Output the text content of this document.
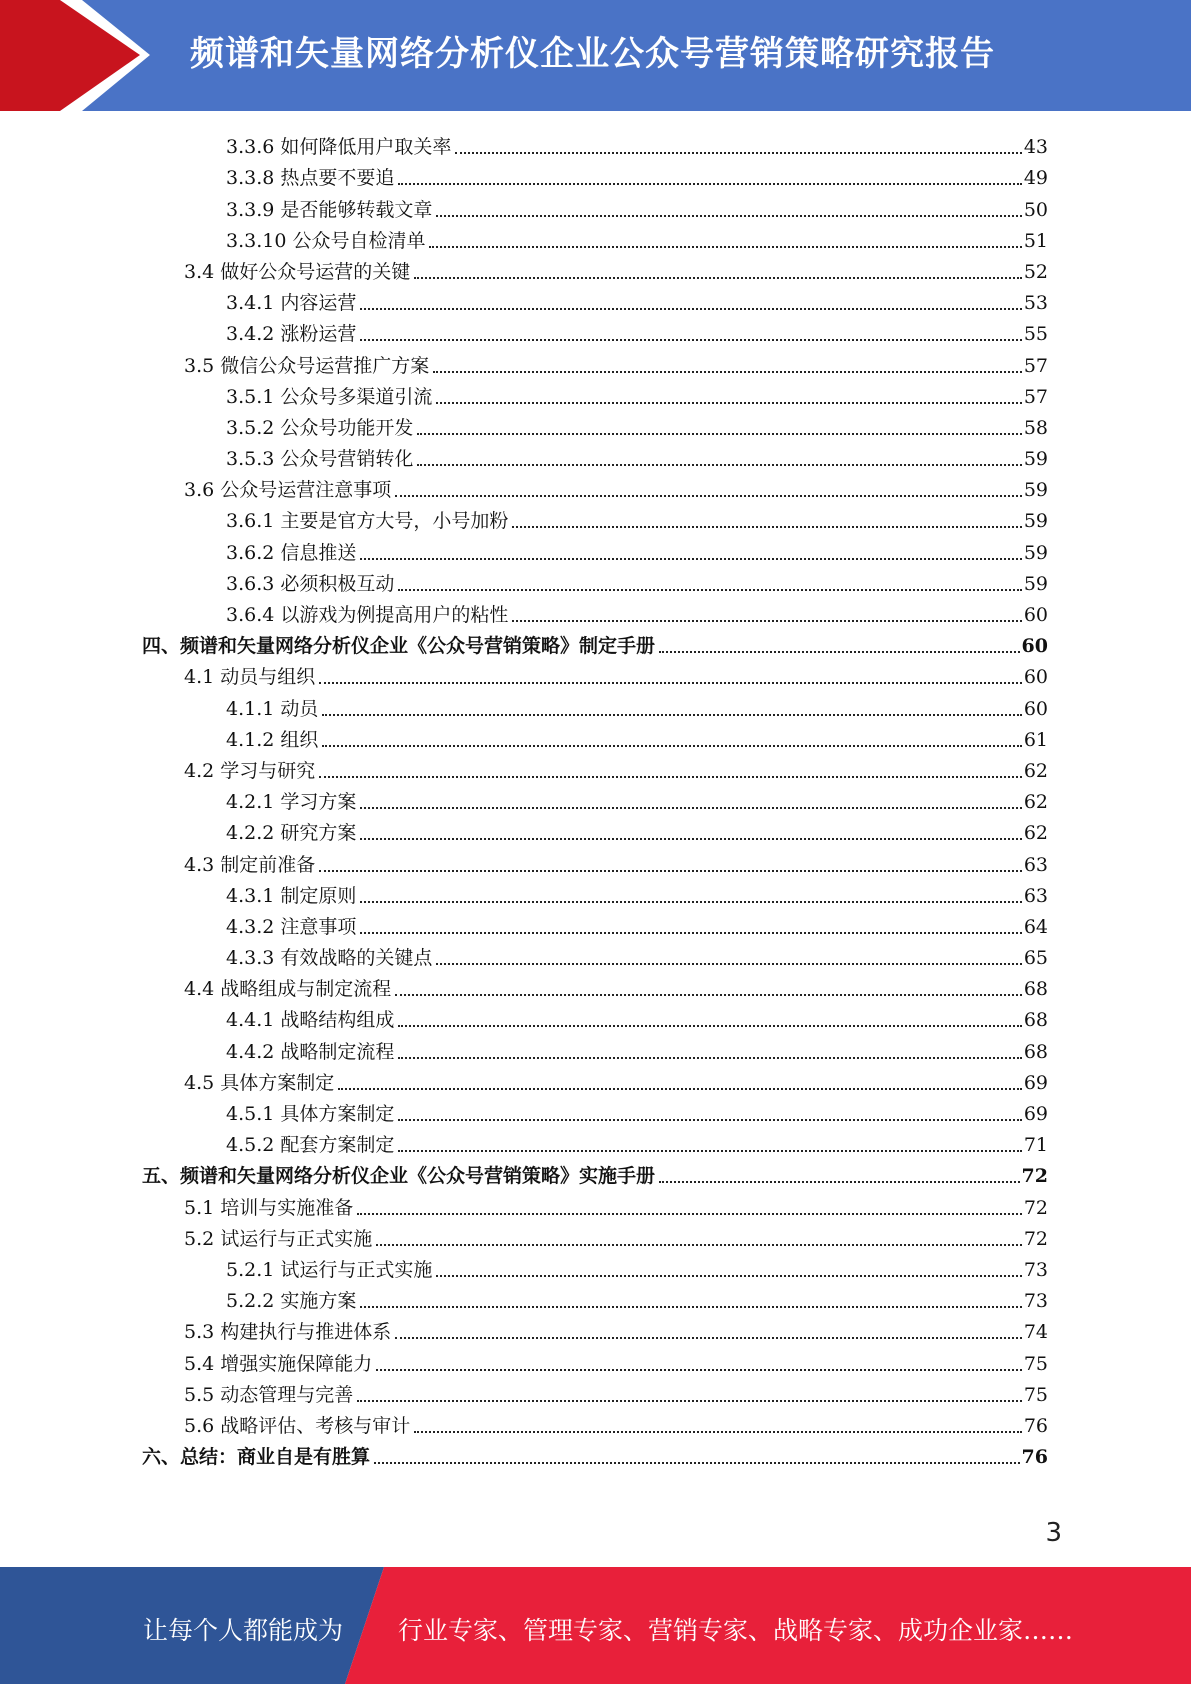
频谱和矢量网络分析仪企业公众号营销策略研究报告
3.3.6 如何降低用户取关率	43
3.3.8 热点要不要追	49
3.3.9 是否能够转载文章	50
3.3.10 公众号自检清单	51
3.4 做好公众号运营的关键	52
3.4.1 内容运营	53
3.4.2 涨粉运营	55
3.5 微信公众号运营推广方案	57
3.5.1 公众号多渠道引流	57
3.5.2 公众号功能开发	58
3.5.3 公众号营销转化	59
3.6 公众号运营注意事项	59
3.6.1 主要是官方大号，小号加粉	59
3.6.2 信息推送	59
3.6.3 必须积极互动	59
3.6.4 以游戏为例提高用户的粘性	60
四、频谱和矢量网络分析仪企业《公众号营销策略》制定手册	60
4.1 动员与组织	60
4.1.1 动员	60
4.1.2 组织	61
4.2 学习与研究	62
4.2.1 学习方案	62
4.2.2 研究方案	62
4.3 制定前准备	63
4.3.1 制定原则	63
4.3.2 注意事项	64
4.3.3 有效战略的关键点	65
4.4 战略组成与制定流程	68
4.4.1 战略结构组成	68
4.4.2 战略制定流程	68
4.5 具体方案制定	69
4.5.1 具体方案制定	69
4.5.2 配套方案制定	71
五、频谱和矢量网络分析仪企业《公众号营销策略》实施手册	72
5.1 培训与实施准备	72
5.2 试运行与正式实施	72
5.2.1 试运行与正式实施	73
5.2.2 实施方案	73
5.3 构建执行与推进体系	74
5.4 增强实施保障能力	75
5.5 动态管理与完善	75
5.6 战略评估、考核与审计	76
六、总结：商业自是有胜算	76
3
让每个人都能成为 行业专家、管理专家、营销专家、战略专家、成功企业家……
